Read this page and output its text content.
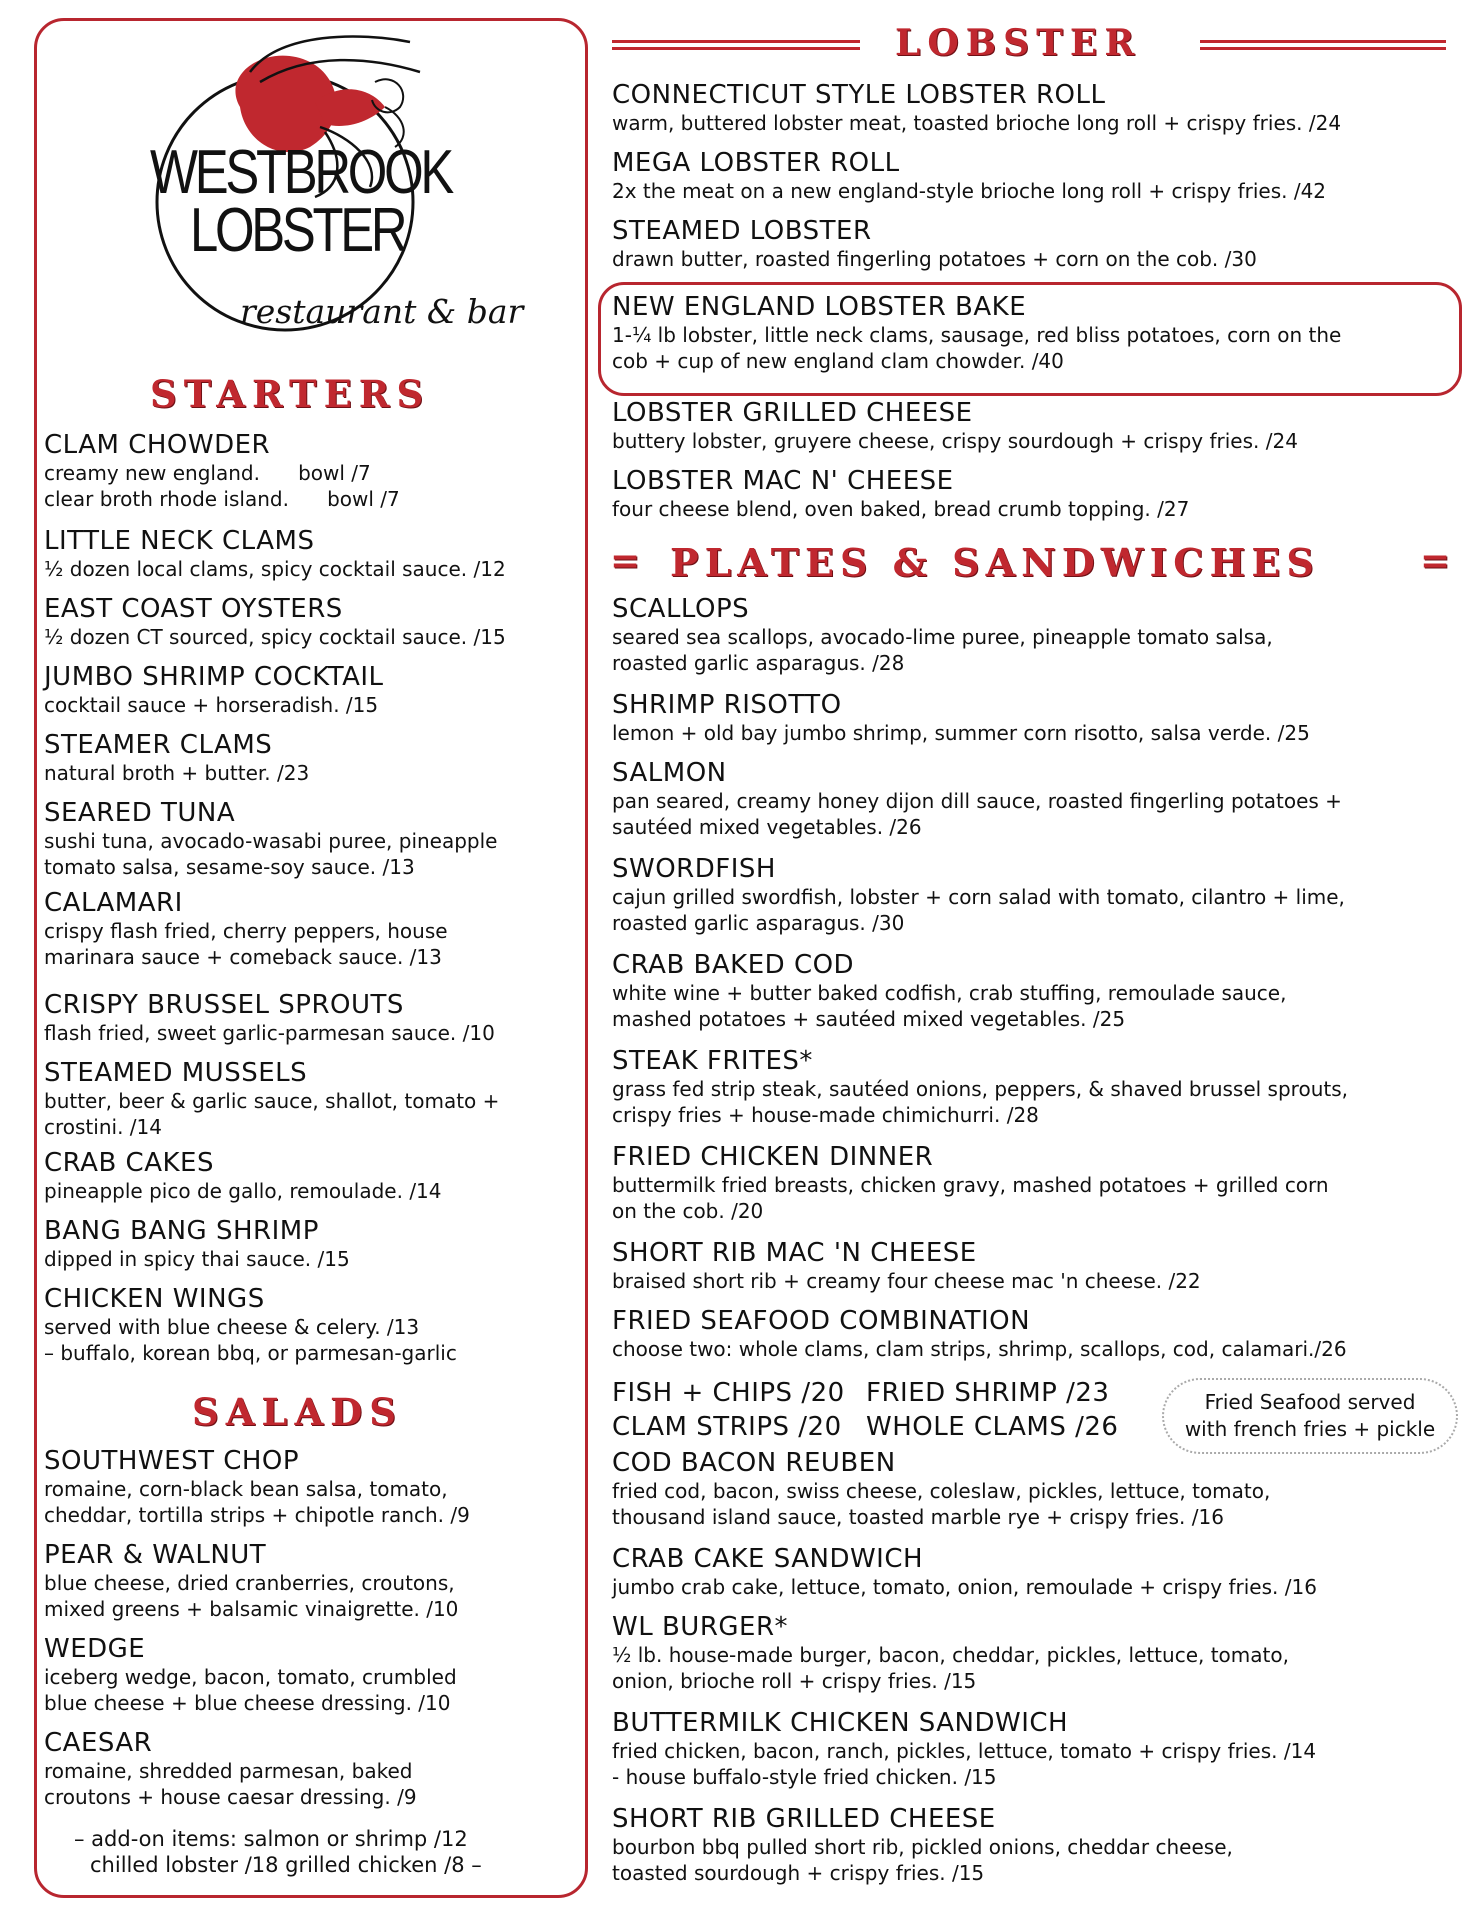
WESTBROOK
LOBSTER
restaurant & bar
STARTERS
CLAM CHOWDER
creamy new england.      bowl /7
clear broth rhode island.      bowl /7
LITTLE NECK CLAMS
½ dozen local clams, spicy cocktail sauce. /12
EAST COAST OYSTERS
½ dozen CT sourced, spicy cocktail sauce. /15
JUMBO SHRIMP COCKTAIL
cocktail sauce + horseradish. /15
STEAMER CLAMS
natural broth + butter. /23
SEARED TUNA
sushi tuna, avocado-wasabi puree, pineapple
tomato salsa, sesame-soy sauce. /13
CALAMARI
crispy flash fried, cherry peppers, house
marinara sauce + comeback sauce. /13
CRISPY BRUSSEL SPROUTS
flash fried, sweet garlic-parmesan sauce. /10
STEAMED MUSSELS
butter, beer & garlic sauce, shallot, tomato +
crostini. /14
CRAB CAKES
pineapple pico de gallo, remoulade. /14
BANG BANG SHRIMP
dipped in spicy thai sauce. /15
CHICKEN WINGS
served with blue cheese & celery. /13
– buffalo, korean bbq, or parmesan-garlic
SALADS
SOUTHWEST CHOP
romaine, corn-black bean salsa, tomato,
cheddar, tortilla strips + chipotle ranch. /9
PEAR & WALNUT
blue cheese, dried cranberries, croutons,
mixed greens + balsamic vinaigrette. /10
WEDGE
iceberg wedge, bacon, tomato, crumbled
blue cheese + blue cheese dressing. /10
CAESAR
romaine, shredded parmesan, baked
croutons + house caesar dressing. /9
– add-on items: salmon or shrimp /12
chilled lobster /18 grilled chicken /8 –
LOBSTER
CONNECTICUT STYLE LOBSTER ROLL
warm, buttered lobster meat, toasted brioche long roll + crispy fries. /24
MEGA LOBSTER ROLL
2x the meat on a new england-style brioche long roll + crispy fries. /42
STEAMED LOBSTER
drawn butter, roasted fingerling potatoes + corn on the cob. /30
NEW ENGLAND LOBSTER BAKE
1-¼ lb lobster, little neck clams, sausage, red bliss potatoes, corn on the
cob + cup of new england clam chowder. /40
LOBSTER GRILLED CHEESE
buttery lobster, gruyere cheese, crispy sourdough + crispy fries. /24
LOBSTER MAC N' CHEESE
four cheese blend, oven baked, bread crumb topping. /27
= PLATES & SANDWICHES	=
SCALLOPS
seared sea scallops, avocado-lime puree, pineapple tomato salsa,
roasted garlic asparagus. /28
SHRIMP RISOTTO
lemon + old bay jumbo shrimp, summer corn risotto, salsa verde. /25
SALMON
pan seared, creamy honey dijon dill sauce, roasted fingerling potatoes +
sautéed mixed vegetables. /26
SWORDFISH
cajun grilled swordfish, lobster + corn salad with tomato, cilantro + lime,
roasted garlic asparagus. /30
CRAB BAKED COD
white wine + butter baked codfish, crab stuffing, remoulade sauce,
mashed potatoes + sautéed mixed vegetables. /25
STEAK FRITES*
grass fed strip steak, sautéed onions, peppers, & shaved brussel sprouts,
crispy fries + house-made chimichurri. /28
FRIED CHICKEN DINNER
buttermilk fried breasts, chicken gravy, mashed potatoes + grilled corn
on the cob. /20
SHORT RIB MAC 'N CHEESE
braised short rib + creamy four cheese mac 'n cheese. /22
FRIED SEAFOOD COMBINATION
choose two: whole clams, clam strips, shrimp, scallops, cod, calamari./26
FISH + CHIPS /20 FRIED SHRIMP /23
CLAM STRIPS /20 WHOLE CLAMS /26
Fried Seafood served
with french fries + pickle
COD BACON REUBEN
fried cod, bacon, swiss cheese, coleslaw, pickles, lettuce, tomato,
thousand island sauce, toasted marble rye + crispy fries. /16
CRAB CAKE SANDWICH
jumbo crab cake, lettuce, tomato, onion, remoulade + crispy fries. /16
WL BURGER*
½ lb. house-made burger, bacon, cheddar, pickles, lettuce, tomato,
onion, brioche roll + crispy fries. /15
BUTTERMILK CHICKEN SANDWICH
fried chicken, bacon, ranch, pickles, lettuce, tomato + crispy fries. /14
- house buffalo-style fried chicken. /15
SHORT RIB GRILLED CHEESE
bourbon bbq pulled short rib, pickled onions, cheddar cheese,
toasted sourdough + crispy fries. /15
